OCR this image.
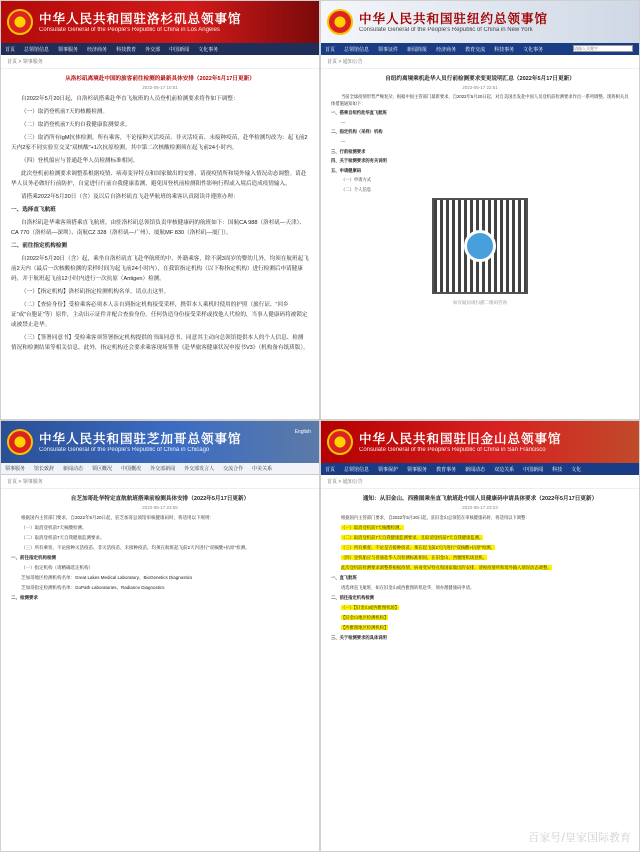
中华人民共和国驻洛杉矶总领事馆
Consulate General of the People's Republic of China in Los Angeles
首页 总领馆信息 领事服务 经济商务 科技教育 外交部 中国新闻 文化事务
首页 > 领事服务
从洛杉矶离境赴中国的旅客前往检测的最新具体安排（2022年5月17日更新）
2022-05-17 10:51

自2022年5月20日起，自洛杉矶搭乘赴华直飞航班的人员登机前检测要求将作如下调整：

（一）取消登机前7天的核酸检测。

（二）取消登机前7天的自我健康监测要求。

（三）取消所有IgM抗体检测。所有乘客，不论接种灭活疫苗、非灭活疫苗、未接种疫苗，赴华检测均改为：起飞前2天内2家不同实验室交叉“双核酸”+1次抗原检测。其中第二次核酸检测须在起飞前24小时内。

（四）登机船应与普通赴华人员检测标准相同。

此次登机前检测要求调整系根据疫情、病毒变异特点和国家做出的安排，请视疫情所和境外输入情况动态调整。请赴华人员务必做好行前防护，自觉进行行前自我健康监测，避免因登机前检测阳性影响行程或入境后造成疫情输入。

请搭乘2022年5月20日（含）及以后自洛杉矶直飞赴华航班的乘客认真阅读并遵照办理：

一、选择直飞航班

自洛杉矶赴华乘客须搭乘直飞航班。由驻洛杉矶总领馆负责审核健康码的航班如下：国航CA 988（洛杉矶—天津）、CA 770（洛杉矶—深圳）、南航CZ 328（洛杉矶—广州）、厦航MF 830（洛杉矶—厦门）。

二、前往指定机构检测

自2022年5月20日（含）起，乘坐自洛杉矶直飞赴华航班的中、外籍乘客，除不满3周岁的婴幼儿外，均须在航班起飞前2天内（最后一次核酸检测的采样时间为起飞前24小时内），在我馆指定机构（以下称指定机构）进行检测后申请健康码，并于航班起飞前12小时内进行一次抗原（Antigen）检测。

（一）【指定机构】洛杉矶指定检测机构名单，请点击这里。

（二）【查验身份】受检乘客必须本人亲自到指定机构接受采样，携带本人乘机时使用的护照（旅行证、“回乡证”或“台胞证”等）原件，主动出示证件并配合查验身份。任何伪造身份接受采样或找他人代检的，当事人健康码将被锁定或被禁止赴华。

（三）【签署同意书】受检乘客须签署指定机构提供的书面同意书，同意其主动向总领馆提供本人的个人信息、检测情况和检测结果等相关信息。此外，指定机构还会要求乘客现场签署《赴华旅客健康状况申报书V3》（机构备有纸质版）。

中华人民共和国驻纽约总领事馆
Consulate General of the People's Republic of China in New York
首页 总领馆信息 领事证件 新闻简报 经济商务 教育交流 科技事务 文化事务
请输入关键字
首页 > 通知公告
自纽约离境乘机赴华人员行前检测要求变更说明汇总（2022年5月17日更新）
2022-05-17 22:51

当前全球疫情形势严峻复杂，根据中国主管部门最新要求，自2022年5月20日起，对自美国出发赴中国人员登机前检测要求作出一系列调整。现将相关具体措施通知如下：

一、搭乘自纽约赴华直飞航班

—

二、指定机构（采样）机构

—

三、行前检测要求

四、关于检测要求的有关说明

五、申请健康码

（一）申请方式

（二）个人信息

如有疑问请扫描二维码咨询
中华人民共和国驻芝加哥总领事馆
Consulate General of the People's Republic of China in Chicago
English
领事服务 馆长致辞 新闻动态 领区概况 中国概况 外交部新闻 外交部发言人 交流合作 中美关系
首页 > 领事服务
自芝加哥赴华特定直航航班搭乘前检测具体安排（2022年5月17日更新）
2022-05-17 23:55

根据国内主管部门要求，自2022年5月20日起，驻芝加哥总领馆审核健康码时，将适用以下规则：

（一）取消登机前7天核酸检测。

（二）取消登机前7天自我健康监测要求。

（三）所有乘客，不论接种灭活疫苗、非灭活疫苗、未接种疫苗，均须在航班起飞前2天内进行“双核酸+抗原”检测。

一、前往指定机构检测

（一）指定机构（请精确选定机构）

芝加哥地区检测机构名单：Great Lakes Medical Laboratory、BioGenetics Diagnostics

芝加哥指定检测机构名单：GoPath Laboratories、Radiance Diagnostics

二、检测要求

中华人民共和国驻旧金山总领事馆
Consulate General of the People's Republic of China in San Francisco
首页 总领馆信息 领事保护 领事服务 教育事务 新闻动态 双边关系 中国新闻 科技 文化
首页 > 通知公告
通知：从旧金山、西雅图乘坐直飞航班赴中国人员健康码申请具体要求（2022年5月17日更新）
2022-05-17 23:23

根据国内主管部门要求，自2022年5月20日起，驻旧金山总领馆在审核健康码时，将适用以下调整：

（一）取消登机前7天核酸检测。

（二）取消登机前7天自我健康监测要求，且取消登机前7天自我健康监测。

（三）所有乘客，不论是否接种疫苗，须在起飞前2天内进行“双核酸+抗原”检测。

（四）登机船应与普通赴华人员检测标准相同，在旧金山、西雅图机场登机。

此次登机前检测要求调整系根据疫情、病毒变异特点和国家做出的安排，请视疫情所和境外输入情况动态调整。

一、直飞航班

请选择直飞航班，如在旧金山或西雅图转机赴华，须办理健康码申请。

二、前往指定机构检测

（一）【旧金山或西雅图机场】

【旧金山地区检测机构】

【西雅图地区检测机构】

三、关于检测要求的具体说明

百家号/皇家国际教育
